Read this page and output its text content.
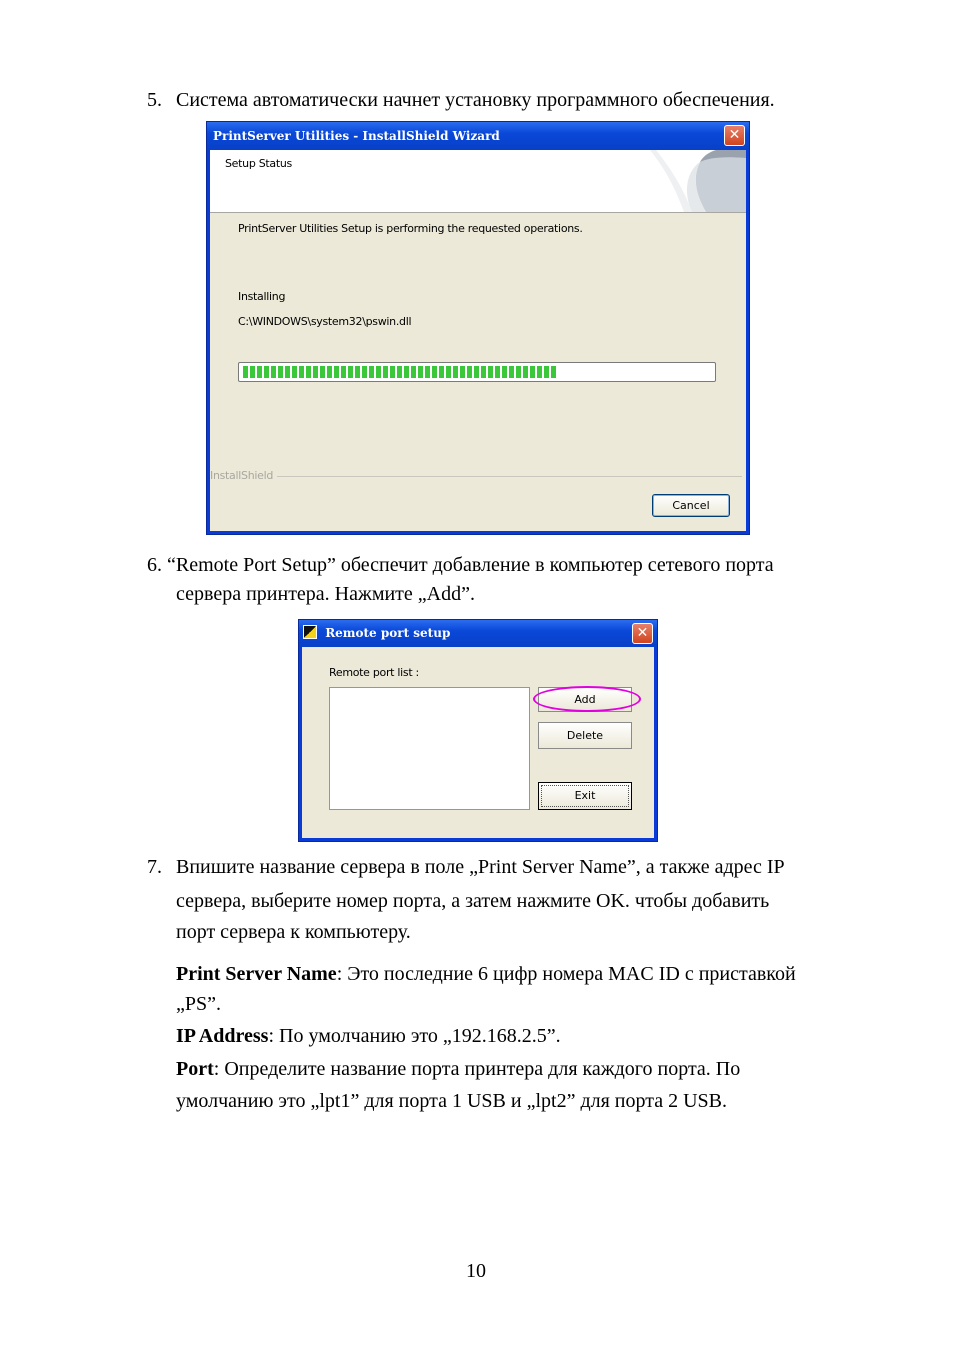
5. Система автоматически начнет установку программного обеспечения.
PrintServer Utilities - InstallShield Wizard	✕
Setup Status
PrintServer Utilities Setup is performing the requested operations.
Installing
C:\WINDOWS\system32\pswin.dll
InstallShield
Cancel
6. “Remote Port Setup” обеспечит добавление в компьютер сетевого порта
сервера принтера. Нажмите „Add”.
Remote port setup	✕
Remote port list :
Add
Delete
Exit
7. Впишите название сервера в поле „Print Server Name”, а также адрес IP
сервера, выберите номер порта, а затем нажмите OK. чтобы добавить
порт сервера к компьютеру.
Print Server Name: Это последние 6 цифр номера MAC ID с приставкой
„PS”.
IP Address: По умолчанию это „192.168.2.5”.
Port: Определите название порта принтера для каждого порта. По
умолчанию это „lpt1” для порта 1 USB и „lpt2” для порта 2 USB.
10
